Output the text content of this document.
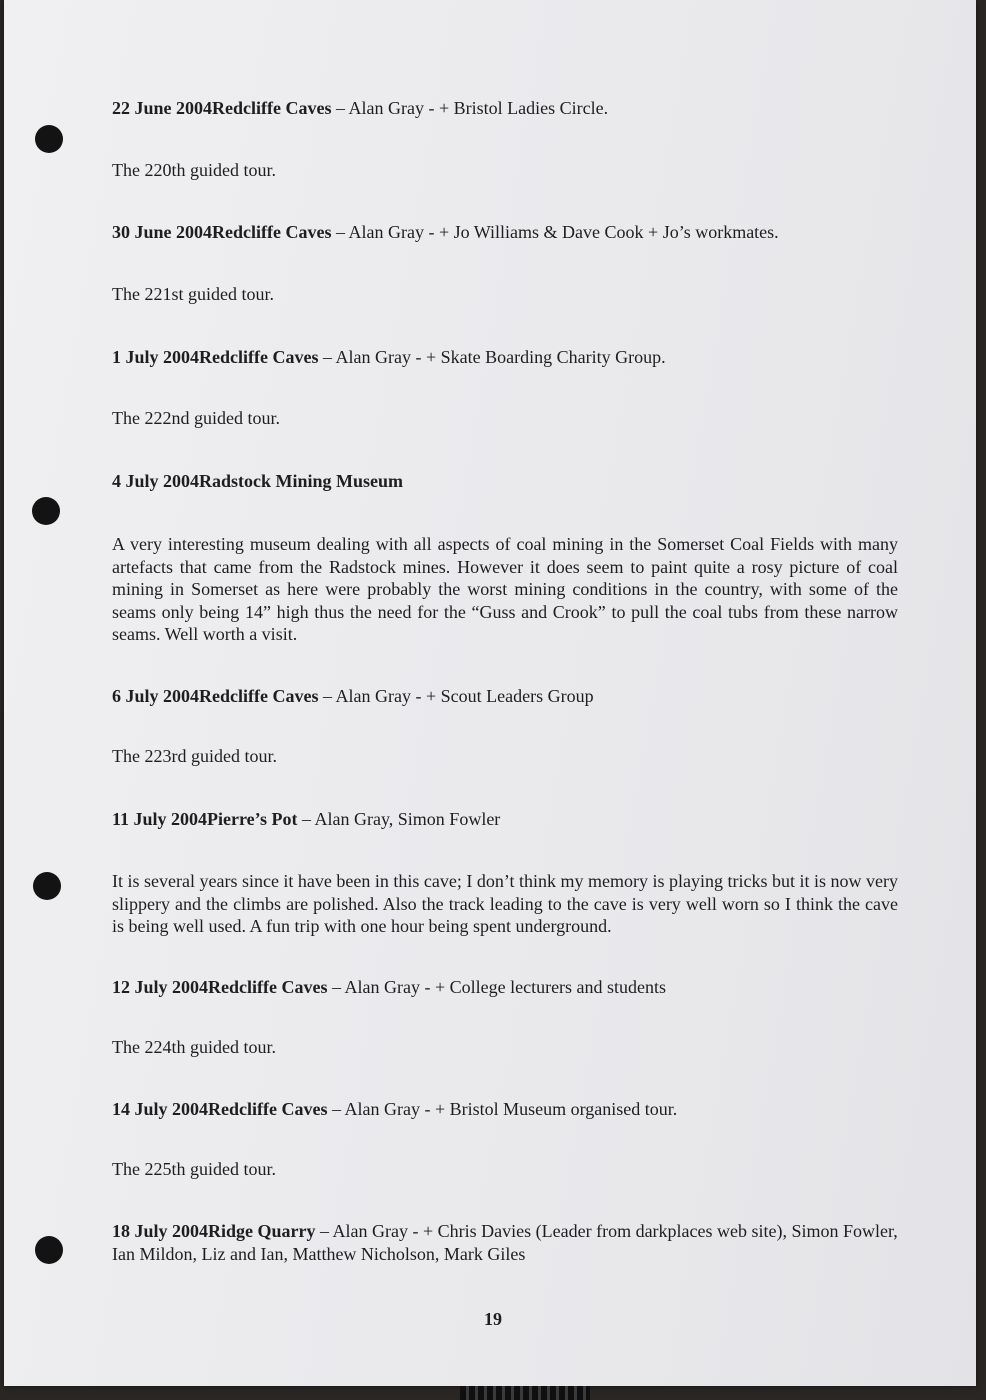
22 June 2004Redcliffe Caves – Alan Gray - + Bristol Ladies Circle.
The 220th guided tour.
30 June 2004Redcliffe Caves – Alan Gray - + Jo Williams & Dave Cook + Jo’s workmates.
The 221st guided tour.
1 July 2004Redcliffe Caves – Alan Gray - + Skate Boarding Charity Group.
The 222nd guided tour.
4 July 2004Radstock Mining Museum
A very interesting museum dealing with all aspects of coal mining in the Somerset Coal Fields with many artefacts that came from the Radstock mines. However it does seem to paint quite a rosy picture of coal mining in Somerset as here were probably the worst mining conditions in the country, with some of the seams only being 14” high thus the need for the “Guss and Crook” to pull the coal tubs from these narrow seams. Well worth a visit.
6 July 2004Redcliffe Caves – Alan Gray - + Scout Leaders Group
The 223rd guided tour.
11 July 2004Pierre’s Pot – Alan Gray, Simon Fowler
It is several years since it have been in this cave; I don’t think my memory is playing tricks but it is now very slippery and the climbs are polished. Also the track leading to the cave is very well worn so I think the cave is being well used. A fun trip with one hour being spent underground.
12 July 2004Redcliffe Caves – Alan Gray - + College lecturers and students
The 224th guided tour.
14 July 2004Redcliffe Caves – Alan Gray - + Bristol Museum organised tour.
The 225th guided tour.
18 July 2004Ridge Quarry – Alan Gray - + Chris Davies (Leader from darkplaces web site), Simon Fowler, Ian Mildon, Liz and Ian, Matthew Nicholson, Mark Giles
19
